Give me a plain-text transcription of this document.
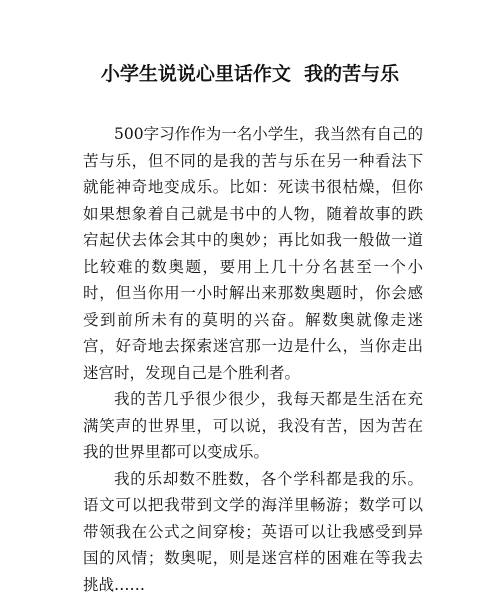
小学生说说心里话作文  我的苦与乐

500字习作作为一名小学生，我当然有自己的苦与乐，但不同的是我的苦与乐在另一种看法下就能神奇地变成乐。比如：死读书很枯燥，但你如果想象着自己就是书中的人物，随着故事的跌宕起伏去体会其中的奥妙；再比如我一般做一道比较难的数奥题，要用上几十分名甚至一个小时，但当你用一小时解出来那数奥题时，你会感受到前所未有的莫明的兴奋。解数奥就像走迷宫，好奇地去探索迷宫那一边是什么，当你走出迷宫时，发现自己是个胜利者。

我的苦几乎很少很少，我每天都是生活在充满笑声的世界里，可以说，我没有苦，因为苦在我的世界里都可以变成乐。

我的乐却数不胜数，各个学科都是我的乐。语文可以把我带到文学的海洋里畅游；数学可以带领我在公式之间穿梭；英语可以让我感受到异国的风情；数奥呢，则是迷宫样的困难在等我去挑战……
